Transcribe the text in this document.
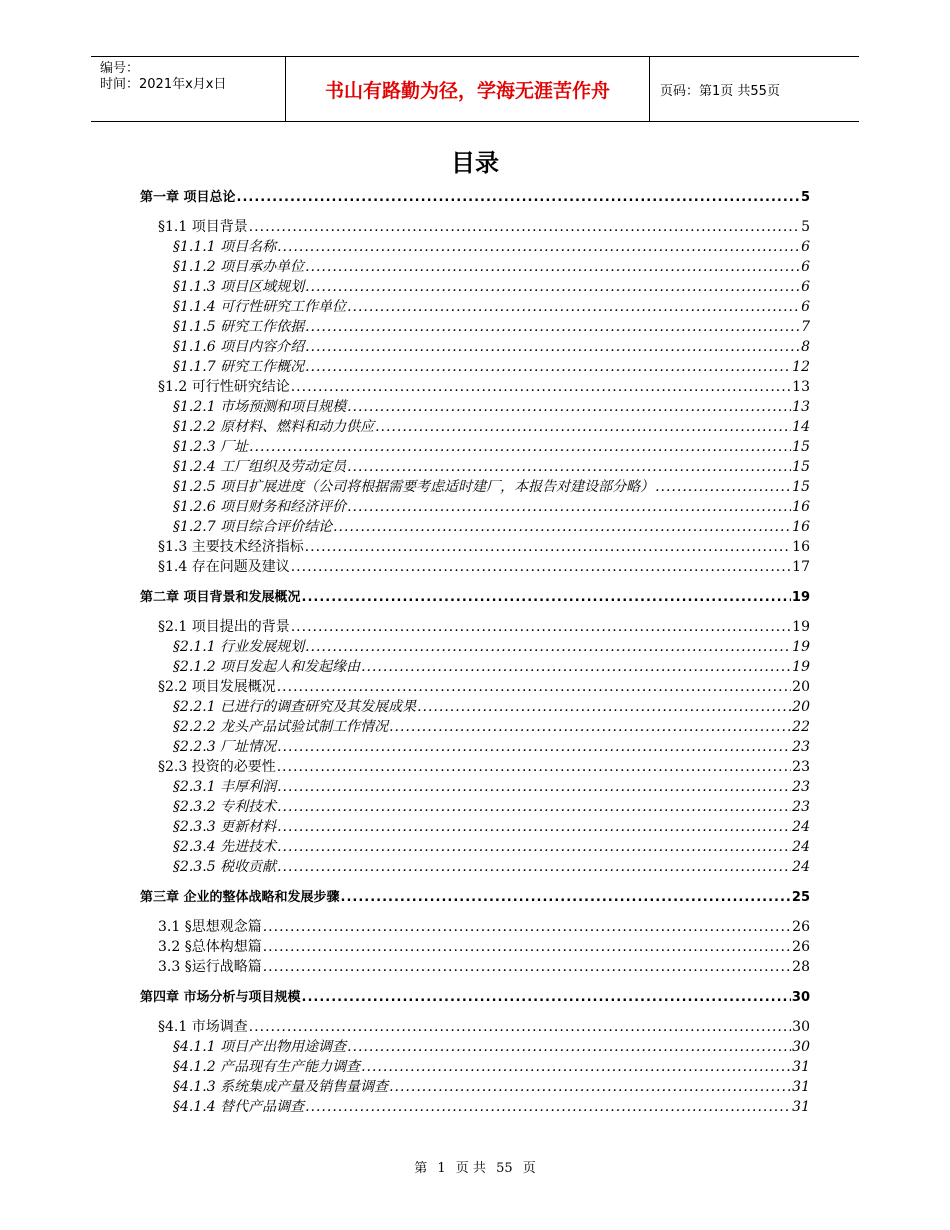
编号：
时间：2021年x月x日	书山有路勤为径，学海无涯苦作舟	页码：第1页 共55页
目录
第一章 项目总论 .....	5
§1.1 项目背景 .....	5
§1.1.1 项目名称 .....	6
§1.1.2 项目承办单位 .....	6
§1.1.3 项目区域规划 .....	6
§1.1.4 可行性研究工作单位 .....	6
§1.1.5 研究工作依据 .....	7
§1.1.6 项目内容介绍 .....	8
§1.1.7 研究工作概况 .....	12
§1.2 可行性研究结论 .....	13
§1.2.1 市场预测和项目规模 .....	13
§1.2.2 原材料、燃料和动力供应 .....	14
§1.2.3 厂址 .....	15
§1.2.4 工厂组织及劳动定员 .....	15
§1.2.5 项目扩展进度（公司将根据需要考虑适时建厂，本报告对建设部分略） .....	15
§1.2.6 项目财务和经济评价 .....	16
§1.2.7 项目综合评价结论 .....	16
§1.3 主要技术经济指标 .....	16
§1.4 存在问题及建议 .....	17
第二章 项目背景和发展概况 .....	19
§2.1 项目提出的背景 .....	19
§2.1.1 行业发展规划 .....	19
§2.1.2 项目发起人和发起缘由 .....	19
§2.2 项目发展概况 .....	20
§2.2.1 已进行的调查研究及其发展成果 .....	20
§2.2.2 龙头产品试验试制工作情况 .....	22
§2.2.3 厂址情况 .....	23
§2.3 投资的必要性 .....	23
§2.3.1 丰厚利润 .....	23
§2.3.2 专利技术 .....	23
§2.3.3 更新材料 .....	24
§2.3.4 先进技术 .....	24
§2.3.5 税收贡献 .....	24
第三章 企业的整体战略和发展步骤 .....	25
3.1 §思想观念篇 .....	26
3.2 §总体构想篇 .....	26
3.3 §运行战略篇 .....	28
第四章 市场分析与项目规模 .....	30
§4.1 市场调查 .....	30
§4.1.1 项目产出物用途调查 .....	30
§4.1.2 产品现有生产能力调查 .....	31
§4.1.3 系统集成产量及销售量调查 .....	31
§4.1.4 替代产品调查 .....	31
第 1 页 共 55 页
